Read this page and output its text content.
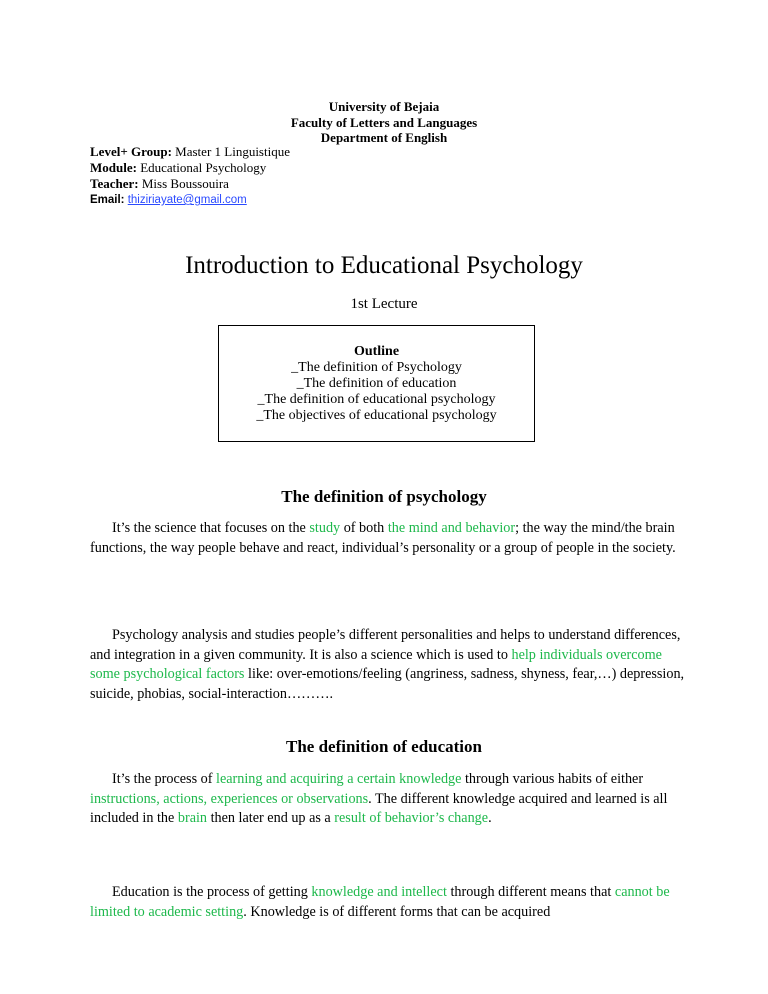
University of Bejaia
Faculty of Letters and Languages
Department of English
Level+ Group: Master 1 Linguistique
Module: Educational Psychology
Teacher: Miss Boussouira
Email: thiziriayate@gmail.com
Introduction to Educational Psychology
1st Lecture
Outline
_The definition of Psychology
_The definition of education
_The definition of educational psychology
_The objectives of educational psychology
The definition of psychology
It’s the science that focuses on the study of both the mind and behavior; the way the mind/the brain functions, the way people behave and react, individual’s personality or a group of people in the society.
Psychology analysis and studies people’s different personalities and helps to understand differences, and integration in a given community. It is also a science which is used to help individuals overcome some psychological factors like: over-emotions/feeling (angriness, sadness, shyness, fear,…) depression, suicide, phobias, social-interaction……….
The definition of education
It’s the process of learning and acquiring a certain knowledge through various habits of either instructions, actions, experiences or observations. The different knowledge acquired and learned is all included in the brain then later end up as a result of behavior’s change.
Education is the process of getting knowledge and intellect through different means that cannot be limited to academic setting. Knowledge is of different forms that can be acquired
